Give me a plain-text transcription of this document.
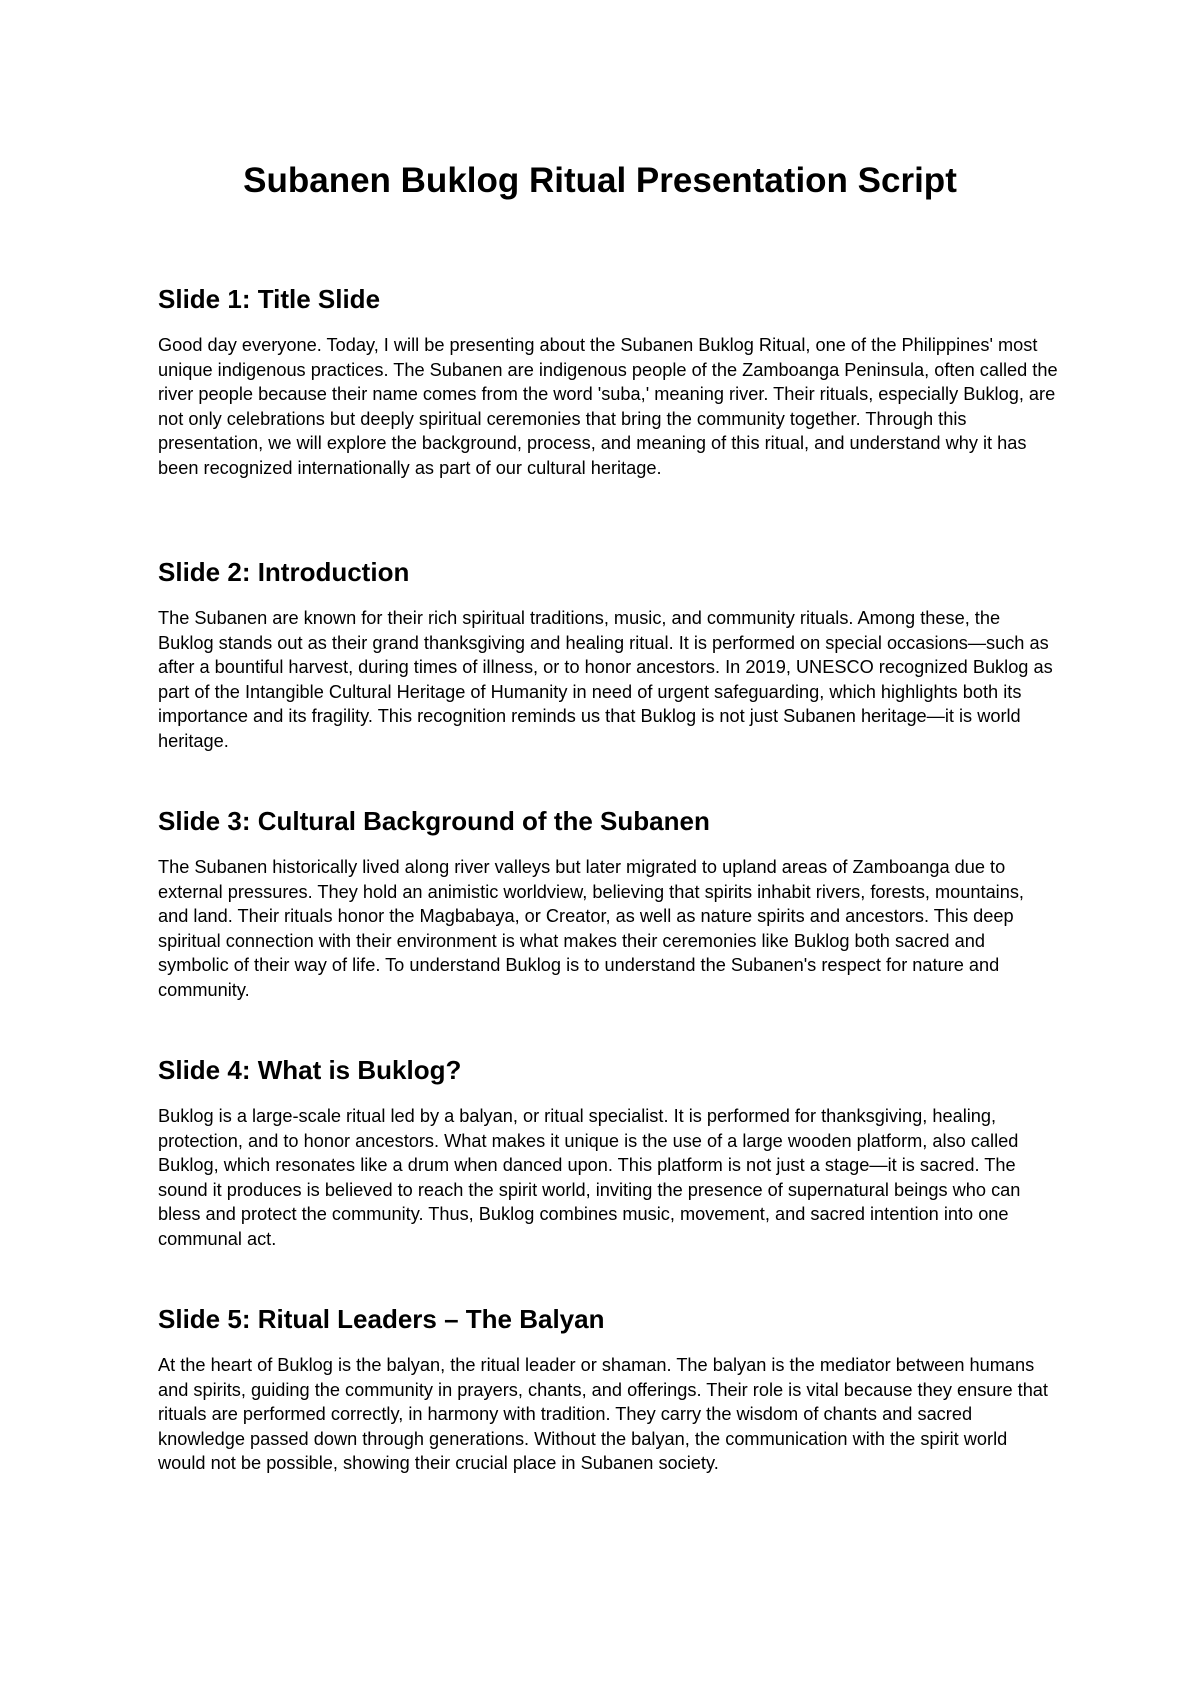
Subanen Buklog Ritual Presentation Script
Slide 1: Title Slide

Good day everyone. Today, I will be presenting about the Subanen Buklog Ritual, one of the Philippines' most unique indigenous practices. The Subanen are indigenous people of the Zamboanga Peninsula, often called the river people because their name comes from the word 'suba,' meaning river. Their rituals, especially Buklog, are not only celebrations but deeply spiritual ceremonies that bring the community together. Through this presentation, we will explore the background, process, and meaning of this ritual, and understand why it has been recognized internationally as part of our cultural heritage.

Slide 2: Introduction

The Subanen are known for their rich spiritual traditions, music, and community rituals. Among these, the Buklog stands out as their grand thanksgiving and healing ritual. It is performed on special occasions—such as after a bountiful harvest, during times of illness, or to honor ancestors. In 2019, UNESCO recognized Buklog as part of the Intangible Cultural Heritage of Humanity in need of urgent safeguarding, which highlights both its importance and its fragility. This recognition reminds us that Buklog is not just Subanen heritage—it is world heritage.

Slide 3: Cultural Background of the Subanen

The Subanen historically lived along river valleys but later migrated to upland areas of Zamboanga due to external pressures. They hold an animistic worldview, believing that spirits inhabit rivers, forests, mountains, and land. Their rituals honor the Magbabaya, or Creator, as well as nature spirits and ancestors. This deep spiritual connection with their environment is what makes their ceremonies like Buklog both sacred and symbolic of their way of life. To understand Buklog is to understand the Subanen's respect for nature and community.

Slide 4: What is Buklog?

Buklog is a large-scale ritual led by a balyan, or ritual specialist. It is performed for thanksgiving, healing, protection, and to honor ancestors. What makes it unique is the use of a large wooden platform, also called Buklog, which resonates like a drum when danced upon. This platform is not just a stage—it is sacred. The sound it produces is believed to reach the spirit world, inviting the presence of supernatural beings who can bless and protect the community. Thus, Buklog combines music, movement, and sacred intention into one communal act.

Slide 5: Ritual Leaders – The Balyan

At the heart of Buklog is the balyan, the ritual leader or shaman. The balyan is the mediator between humans and spirits, guiding the community in prayers, chants, and offerings. Their role is vital because they ensure that rituals are performed correctly, in harmony with tradition. They carry the wisdom of chants and sacred knowledge passed down through generations. Without the balyan, the communication with the spirit world would not be possible, showing their crucial place in Subanen society.
